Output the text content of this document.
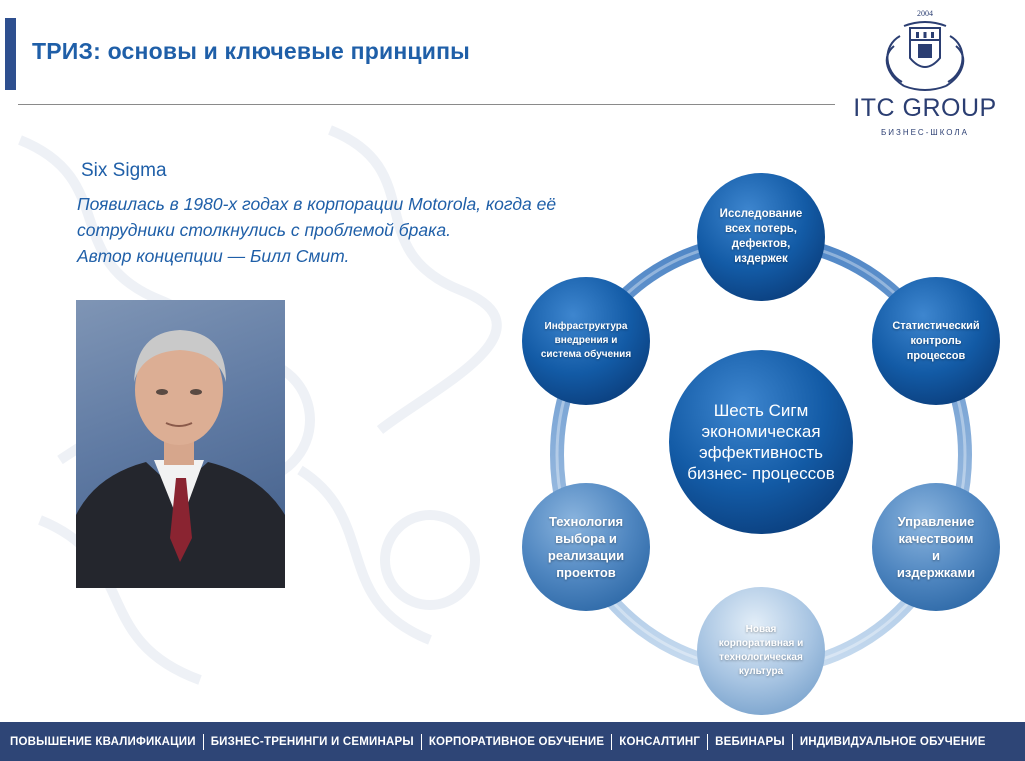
ТРИЗ: основы и ключевые принципы
2004
ITC GROUP
БИЗНЕС-ШКОЛА
Six Sigma
Появилась в 1980-х годах в корпорации Motorola, когда её
сотрудники столкнулись с проблемой брака.
Автор концепции — Билл Смит.
Шесть Сигм экономическая эффективность бизнес- процессов
Исследование
всех потерь,
дефектов,
издержек
Статистический
контроль
процессов
Управление
качествоим
и
издержками
Новая
корпоративная и
технологическая
культура
Технология
выбора и
реализации
проектов
Инфраструктура
внедрения и
система обучения
ПОВЫШЕНИЕ КВАЛИФИКАЦИИ	БИЗНЕС-ТРЕНИНГИ И СЕМИНАРЫ	КОРПОРАТИВНОЕ ОБУЧЕНИЕ	КОНСАЛТИНГ	ВЕБИНАРЫ	ИНДИВИДУАЛЬНОЕ ОБУЧЕНИЕ
